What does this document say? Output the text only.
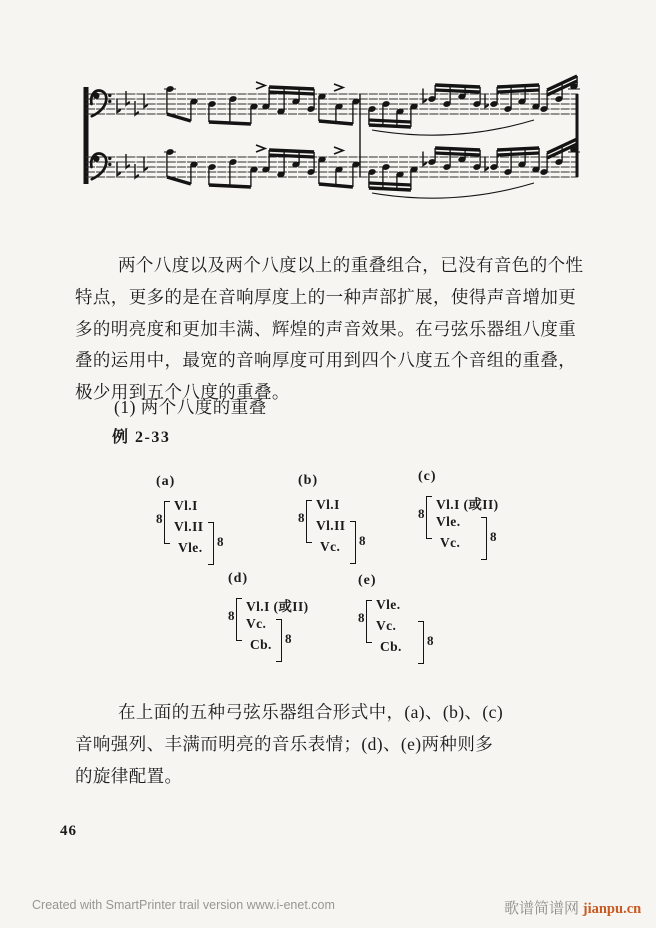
两个八度以及两个八度以上的重叠组合，已没有音色的个性
特点，更多的是在音响厚度上的一种声部扩展，使得声音增加更
多的明亮度和更加丰满、辉煌的声音效果。在弓弦乐器组八度重
叠的运用中，最宽的音响厚度可用到四个八度五个音组的重叠，
极少用到五个八度的重叠。
(1) 两个八度的重叠
例 2-33
(a)
8
Vl.I
Vl.II
Vle. 8
(b)
8
Vl.I
Vl.II
Vc.	8
(c)
8
Vl.I (或II)
Vle.
Vc.	8
(d)
8
Vl.I (或II)
Vc.
Cb.	8
(e)
8
Vle.
Vc.
Cb. 8
在上面的五种弓弦乐器组合形式中，(a)、(b)、(c)
音响强列、丰满而明亮的音乐表情；(d)、(e)两种则多
的旋律配置。
46
Created with SmartPrinter trail version www.i-enet.com	歌谱简谱网 jianpu.cn
